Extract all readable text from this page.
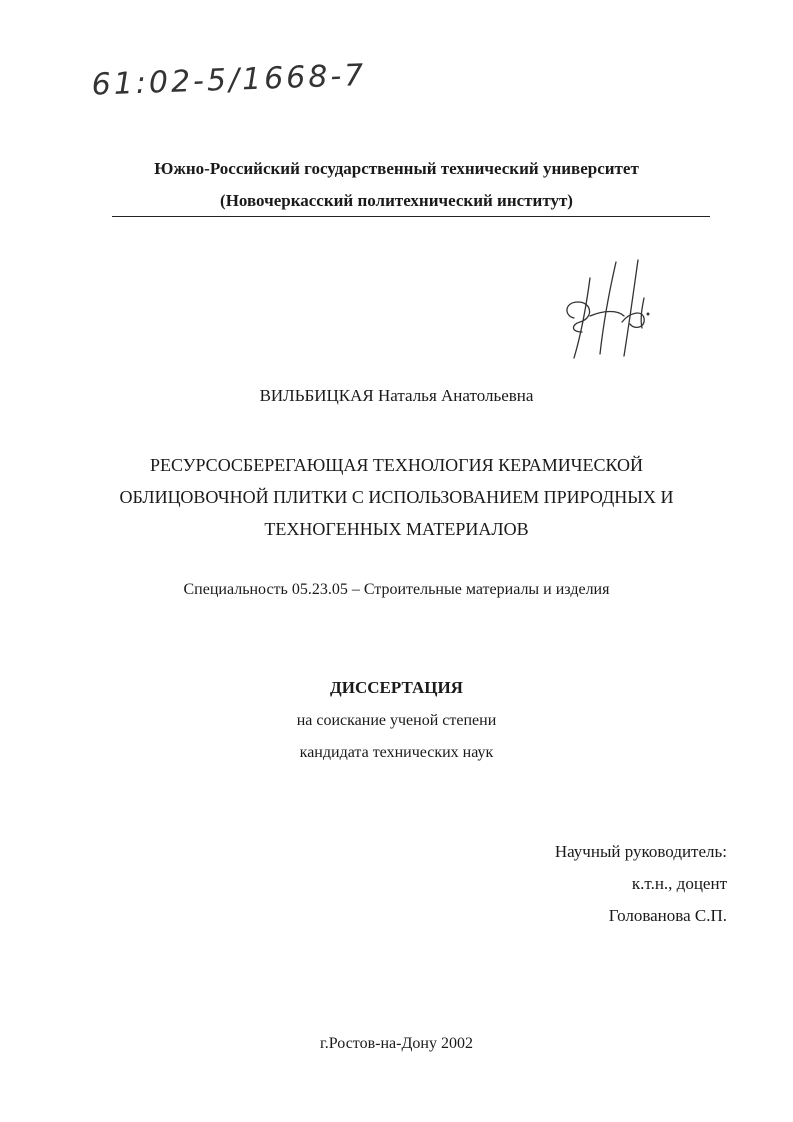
61:02-5/1668-7
Южно-Российский государственный технический университет
(Новочеркасский политехнический институт)
ВИЛЬБИЦКАЯ Наталья Анатольевна
РЕСУРСОСБЕРЕГАЮЩАЯ ТЕХНОЛОГИЯ КЕРАМИЧЕСКОЙ
ОБЛИЦОВОЧНОЙ ПЛИТКИ С ИСПОЛЬЗОВАНИЕМ ПРИРОДНЫХ И
ТЕХНОГЕННЫХ МАТЕРИАЛОВ
Специальность 05.23.05 – Строительные материалы и изделия
ДИССЕРТАЦИЯ
на соискание ученой степени
кандидата технических наук
Научный руководитель:
к.т.н., доцент
Голованова С.П.
г.Ростов-на-Дону 2002
